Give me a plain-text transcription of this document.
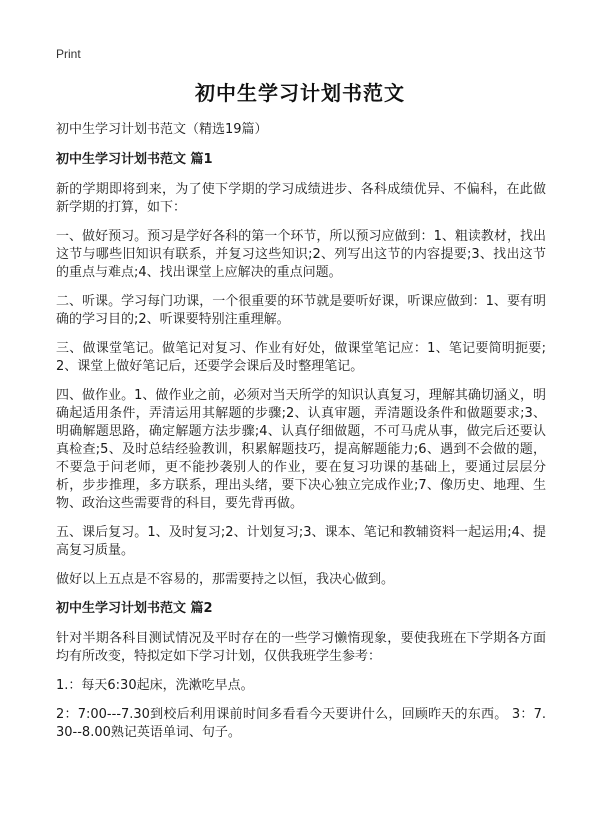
Print
初中生学习计划书范文
初中生学习计划书范文（精选19篇）
初中生学习计划书范文 篇1

新的学期即将到来，为了使下学期的学习成绩进步、各科成绩优异、不偏科，在此做新学期的打算，如下：

一、做好预习。预习是学好各科的第一个环节，所以预习应做到：1、粗读教材，找出这节与哪些旧知识有联系，并复习这些知识;2、列写出这节的内容提要;3、找出这节的重点与难点;4、找出课堂上应解决的重点问题。

二、听课。学习每门功课，一个很重要的环节就是要听好课，听课应做到：1、要有明确的学习目的;2、听课要特别注重理解。

三、做课堂笔记。做笔记对复习、作业有好处，做课堂笔记应：1、笔记要简明扼要;2、课堂上做好笔记后，还要学会课后及时整理笔记。

四、做作业。1、做作业之前，必须对当天所学的知识认真复习，理解其确切涵义，明确起适用条件，弄清运用其解题的步骤;2、认真审题，弄清题设条件和做题要求;3、明确解题思路，确定解题方法步骤;4、认真仔细做题，不可马虎从事，做完后还要认真检查;5、及时总结经验教训，积累解题技巧，提高解题能力;6、遇到不会做的题，不要急于问老师，更不能抄袭别人的作业，要在复习功课的基础上，要通过层层分析，步步推理，多方联系，理出头绪，要下决心独立完成作业;7、像历史、地理、生物、政治这些需要背的科目，要先背再做。

五、课后复习。1、及时复习;2、计划复习;3、课本、笔记和教辅资料一起运用;4、提高复习质量。

做好以上五点是不容易的，那需要持之以恒，我决心做到。

初中生学习计划书范文 篇2

针对半期各科目测试情况及平时存在的一些学习懒惰现象，要使我班在下学期各方面均有所改变，特拟定如下学习计划，仅供我班学生参考：

1.：每天6:30起床，洗漱吃早点。

2：7:00---7.30到校后利用课前时间多看看今天要讲什么，回顾昨天的东西。 3：7.30--8.00熟记英语单词、句子。
